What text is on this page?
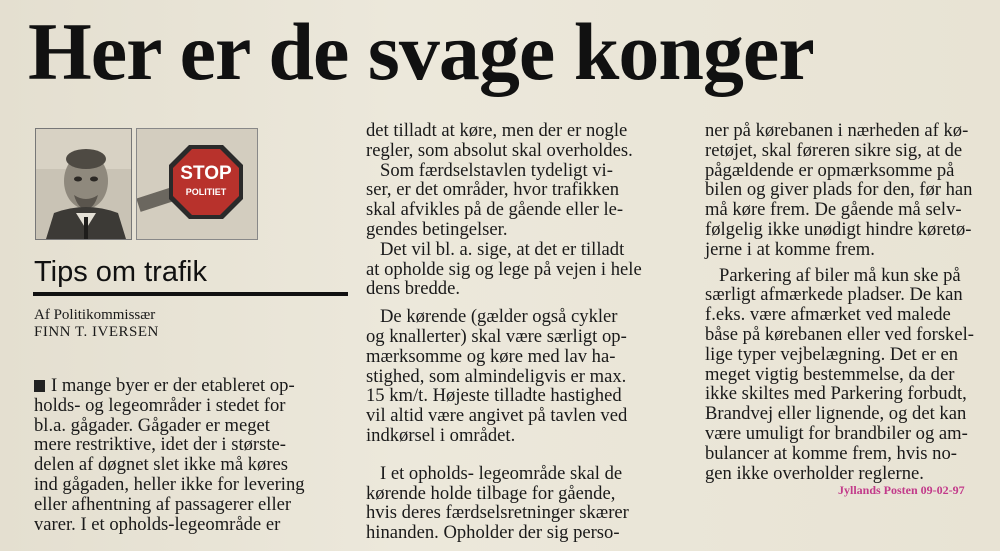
Her er de svage konger
STOP
POLITIET
Tips om trafik
Af Politikommissær
FINN T. IVERSEN
I mange byer er der etableret op-
holds- og legeområder i stedet for
bl.a. gågader. Gågader er meget
mere restriktive, idet der i største-
delen af døgnet slet ikke må køres
ind gågaden, heller ikke for levering
eller afhentning af passagerer eller
varer. I et opholds-legeområde er
det tilladt at køre, men der er nogle
regler, som absolut skal overholdes.
Som færdselstavlen tydeligt vi-
ser, er det områder, hvor trafikken
skal afvikles på de gående eller le-
gendes betingelser.
Det vil bl. a. sige, at det er tilladt
at opholde sig og lege på vejen i hele
dens bredde.
De kørende (gælder også cykler
og knallerter) skal være særligt op-
mærksomme og køre med lav ha-
stighed, som almindeligvis er max.
15 km/t. Højeste tilladte hastighed
vil altid være angivet på tavlen ved
indkørsel i området.
I et opholds- legeområde skal de
kørende holde tilbage for gående,
hvis deres færdselsretninger skærer
hinanden. Opholder der sig perso-
ner på kørebanen i nærheden af kø-
retøjet, skal føreren sikre sig, at de
pågældende er opmærksomme på
bilen og giver plads for den, før han
må køre frem. De gående må selv-
følgelig ikke unødigt hindre køretø-
jerne i at komme frem.
Parkering af biler må kun ske på
særligt afmærkede pladser. De kan
f.eks. være afmærket ved malede
båse på kørebanen eller ved forskel-
lige typer vejbelægning. Det er en
meget vigtig bestemmelse, da der
ikke skiltes med Parkering forbudt,
Brandvej eller lignende, og det kan
være umuligt for brandbiler og am-
bulancer at komme frem, hvis no-
gen ikke overholder reglerne.
Jyllands Posten 09-02-97
